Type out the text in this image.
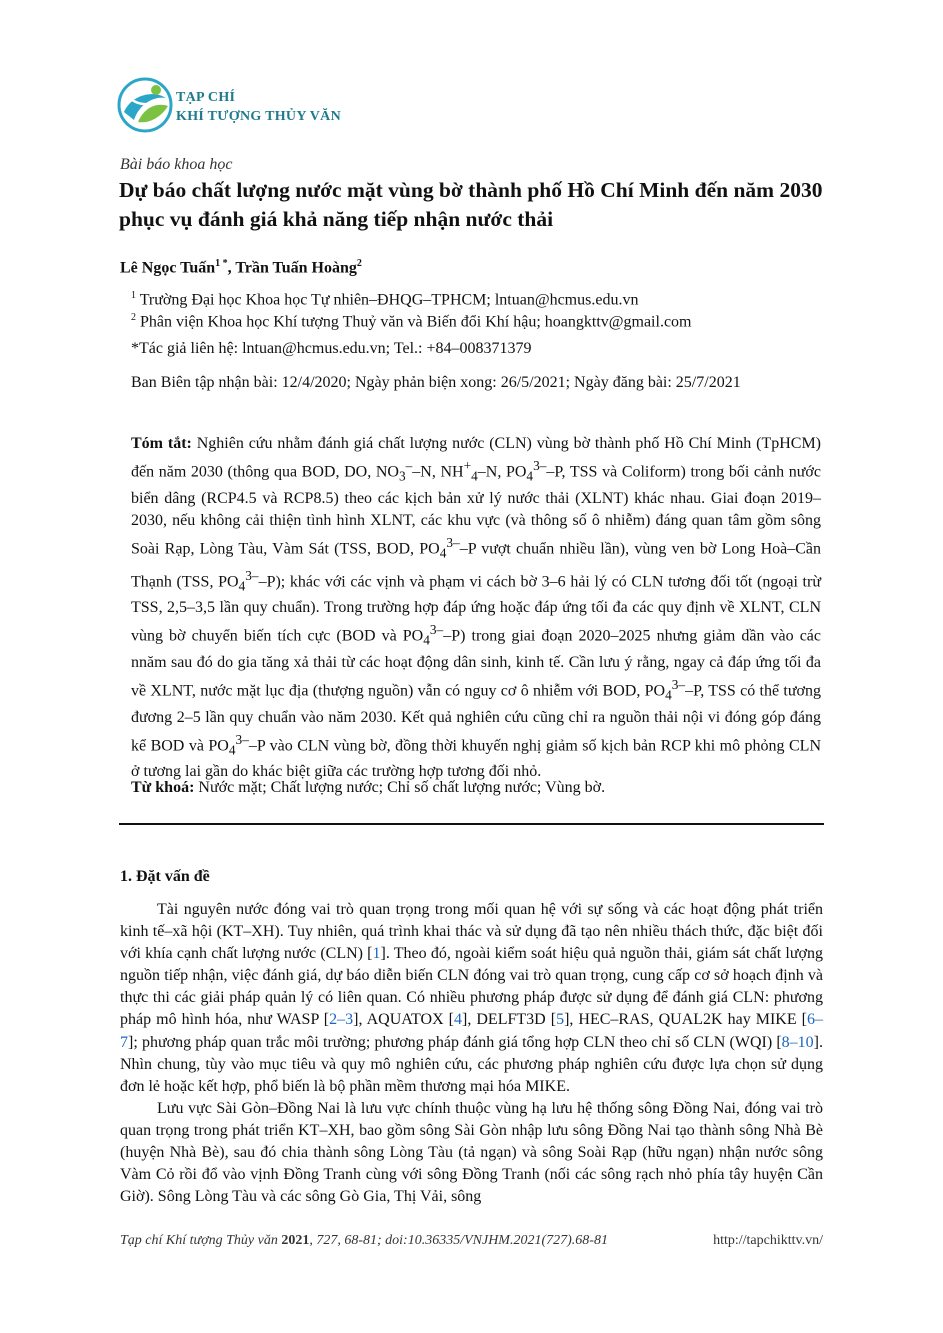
TẠP CHÍ
KHÍ TƯỢNG THỦY VĂN
Bài báo khoa học
Dự báo chất lượng nước mặt vùng bờ thành phố Hồ Chí Minh đến năm 2030 phục vụ đánh giá khả năng tiếp nhận nước thải
Lê Ngọc Tuấn$^{1 *}$, Trần Tuấn Hoàng$^2$
$^1$ Trường Đại học Khoa học Tự nhiên–ĐHQG–TPHCM; lntuan@hcmus.edu.vn
$^2$ Phân viện Khoa học Khí tượng Thuỷ văn và Biến đổi Khí hậu; hoangkttv@gmail.com
*Tác giả liên hệ: lntuan@hcmus.edu.vn; Tel.: +84–008371379
Ban Biên tập nhận bài: 12/4/2020; Ngày phản biện xong: 26/5/2021; Ngày đăng bài: 25/7/2021

Tóm tắt: Nghiên cứu nhằm đánh giá chất lượng nước (CLN) vùng bờ thành phố Hồ Chí Minh (TpHCM) đến năm 2030 (thông qua BOD, DO, $NO_3^--N$, $NH^+_4-N$, $PO_4^{3-}-P$, TSS và Coliform) trong bối cảnh nước biển dâng (RCP4.5 và RCP8.5) theo các kịch bản xử lý nước thải (XLNT) khác nhau. Giai đoạn 2019–2030, nếu không cải thiện tình hình XLNT, các khu vực (và thông số ô nhiễm) đáng quan tâm gồm sông Soài Rạp, Lòng Tàu, Vàm Sát (TSS, BOD, $PO_4^{3-}-P$ vượt chuẩn nhiều lần), vùng ven bờ Long Hoà–Cần Thạnh (TSS, $PO_4^{3-}-P$); khác với các vịnh và phạm vi cách bờ 3–6 hải lý có CLN tương đối tốt (ngoại trừ TSS, 2,5–3,5 lần quy chuẩn). Trong trường hợp đáp ứng hoặc đáp ứng tối đa các quy định về XLNT, CLN vùng bờ chuyển biến tích cực (BOD và $PO_4^{3-}-P$) trong giai đoạn 2020–2025 nhưng giảm dần vào các nnăm sau đó do gia tăng xả thải từ các hoạt động dân sinh, kinh tế. Cần lưu ý rằng, ngay cả đáp ứng tối đa về XLNT, nước mặt lục địa (thượng nguồn) vẫn có nguy cơ ô nhiễm với BOD, $PO_4^{3-}-P$, TSS có thể tương đương 2–5 lần quy chuẩn vào năm 2030. Kết quả nghiên cứu cũng chỉ ra nguồn thải nội vi đóng góp đáng kể BOD và $PO_4^{3-}-P$ vào CLN vùng bờ, đồng thời khuyến nghị giảm số kịch bản RCP khi mô phỏng CLN ở tương lai gần do khác biệt giữa các trường hợp tương đối nhỏ.

Từ khoá: Nước mặt; Chất lượng nước; Chỉ số chất lượng nước; Vùng bờ.

1. Đặt vấn đề

Tài nguyên nước đóng vai trò quan trọng trong mối quan hệ với sự sống và các hoạt động phát triển kinh tế–xã hội (KT–XH). Tuy nhiên, quá trình khai thác và sử dụng đã tạo nên nhiều thách thức, đặc biệt đối với khía cạnh chất lượng nước (CLN) [1]. Theo đó, ngoài kiểm soát hiệu quả nguồn thải, giám sát chất lượng nguồn tiếp nhận, việc đánh giá, dự báo diễn biến CLN đóng vai trò quan trọng, cung cấp cơ sở hoạch định và thực thi các giải pháp quản lý có liên quan. Có nhiều phương pháp được sử dụng để đánh giá CLN: phương pháp mô hình hóa, như WASP [2–3], AQUATOX [4], DELFT3D [5], HEC–RAS, QUAL2K hay MIKE [6–7]; phương pháp quan trắc môi trường; phương pháp đánh giá tổng hợp CLN theo chỉ số CLN (WQI) [8–10]. Nhìn chung, tùy vào mục tiêu và quy mô nghiên cứu, các phương pháp nghiên cứu được lựa chọn sử dụng đơn lẻ hoặc kết hợp, phổ biến là bộ phần mềm thương mại hóa MIKE.

Lưu vực Sài Gòn–Đồng Nai là lưu vực chính thuộc vùng hạ lưu hệ thống sông Đồng Nai, đóng vai trò quan trọng trong phát triển KT–XH, bao gồm sông Sài Gòn nhập lưu sông Đồng Nai tạo thành sông Nhà Bè (huyện Nhà Bè), sau đó chia thành sông Lòng Tàu (tả ngạn) và sông Soài Rạp (hữu ngạn) nhận nước sông Vàm Cỏ rồi đổ vào vịnh Đồng Tranh cùng với sông Đồng Tranh (nối các sông rạch nhỏ phía tây huyện Cần Giờ). Sông Lòng Tàu và các sông Gò Gia, Thị Vải, sông

Tạp chí Khí tượng Thủy văn 2021, 727, 68-81; doi:10.36335/VNJHM.2021(727).68-81	http://tapchikttv.vn/
